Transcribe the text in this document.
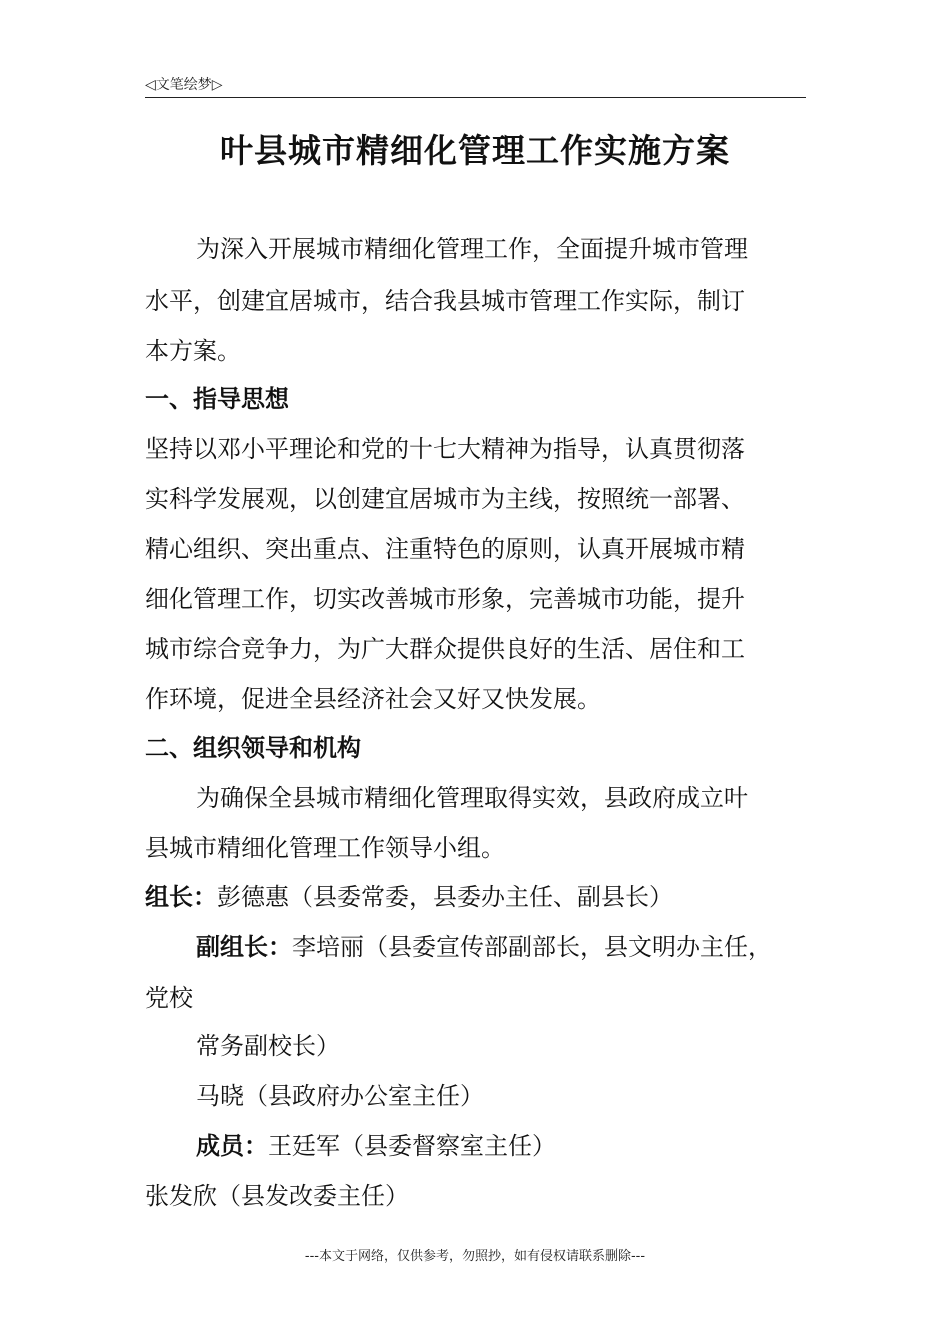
◁文笔绘梦▷
叶县城市精细化管理工作实施方案
为深入开展城市精细化管理工作，全面提升城市管理
水平，创建宜居城市，结合我县城市管理工作实际，制订
本方案。
一、指导思想
坚持以邓小平理论和党的十七大精神为指导，认真贯彻落
实科学发展观，以创建宜居城市为主线，按照统一部署、
精心组织、突出重点、注重特色的原则，认真开展城市精
细化管理工作，切实改善城市形象，完善城市功能，提升
城市综合竞争力，为广大群众提供良好的生活、居住和工
作环境，促进全县经济社会又好又快发展。
二、组织领导和机构
为确保全县城市精细化管理取得实效，县政府成立叶
县城市精细化管理工作领导小组。
组长：彭德惠（县委常委，县委办主任、副县长）
副组长：李培丽（县委宣传部副部长，县文明办主任，
党校
常务副校长）
马晓（县政府办公室主任）
成员：王廷军（县委督察室主任）
张发欣（县发改委主任）
---本文于网络，仅供参考，勿照抄，如有侵权请联系删除---
